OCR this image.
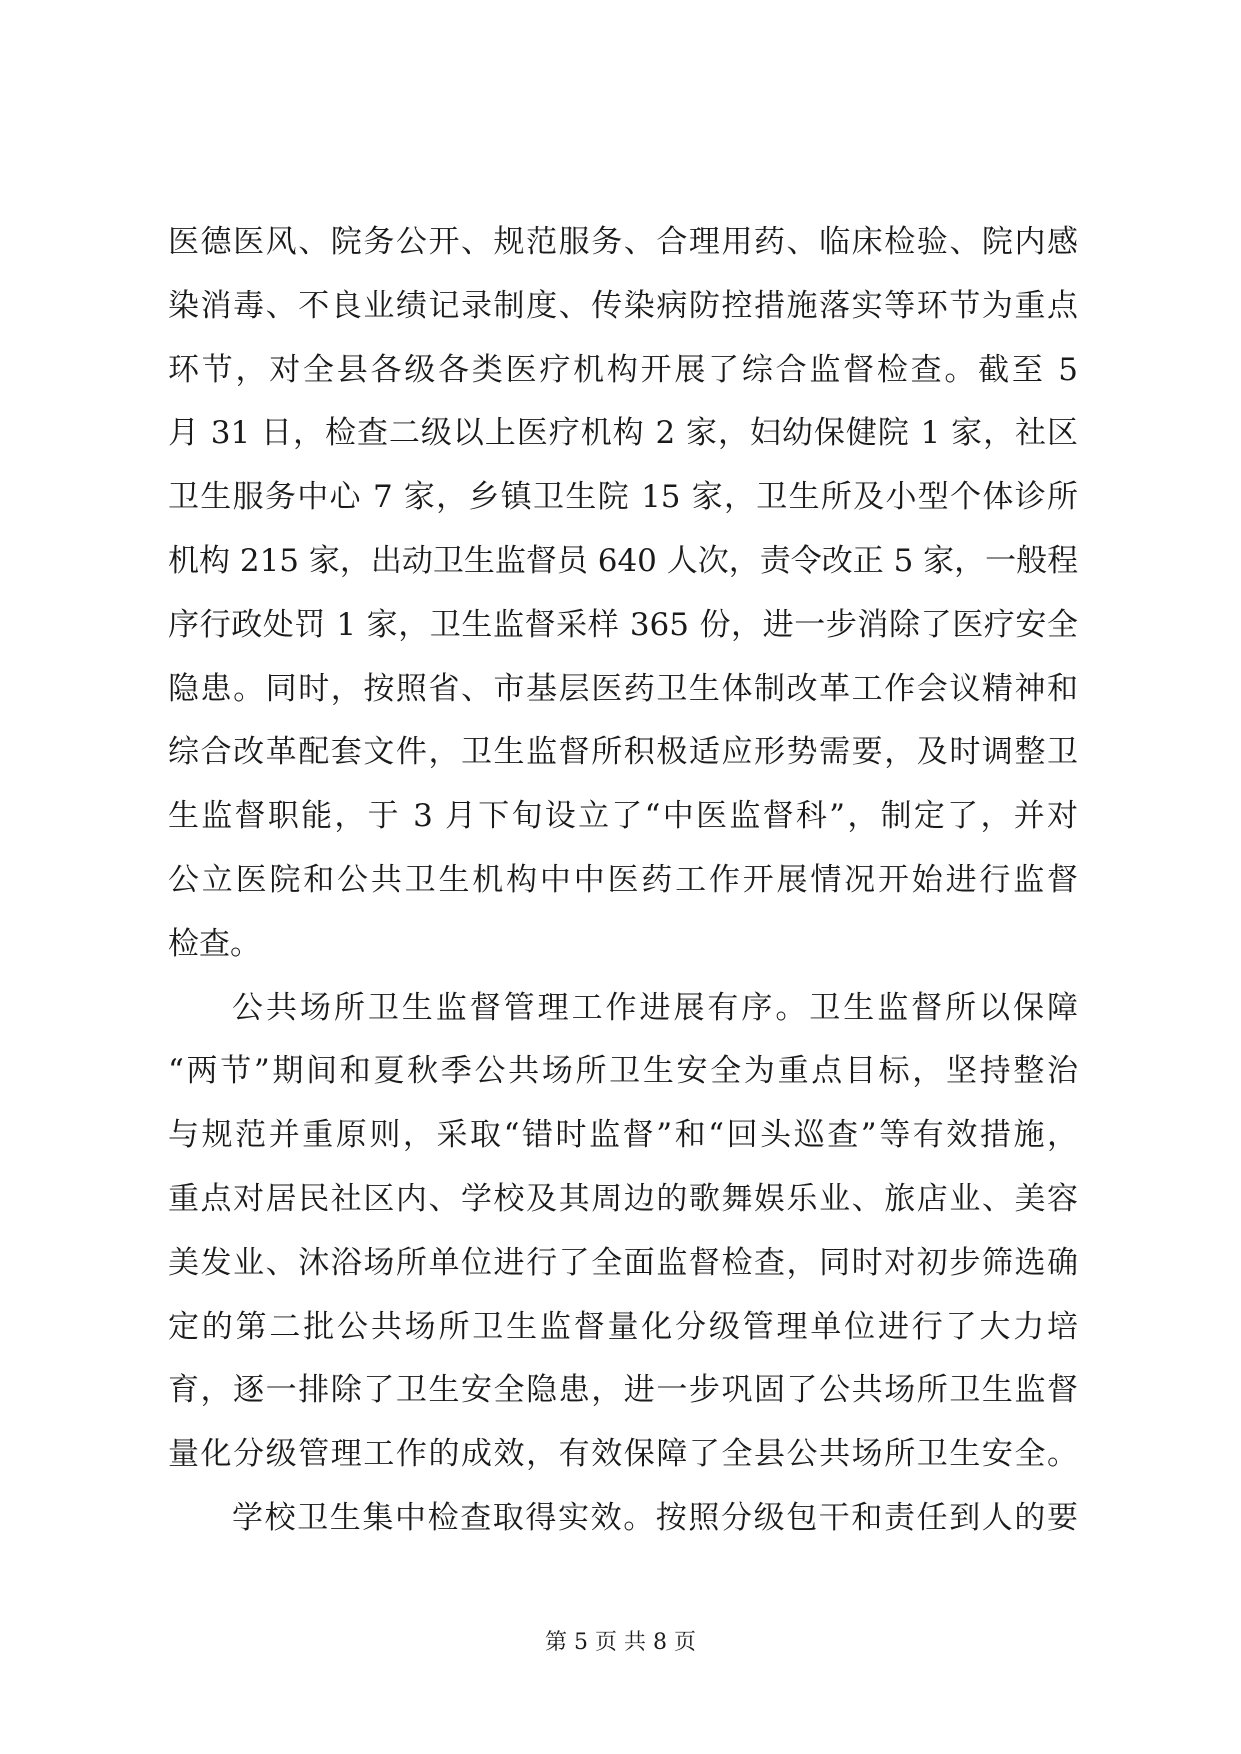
医德医风、院务公开、规范服务、合理用药、临床检验、院内感
染消毒、不良业绩记录制度、传染病防控措施落实等环节为重点
环节，对全县各级各类医疗机构开展了综合监督检查。截至 5
月 31 日，检查二级以上医疗机构 2 家，妇幼保健院 1 家，社区
卫生服务中心 7 家，乡镇卫生院 15 家，卫生所及小型个体诊所
机构 215 家，出动卫生监督员 640 人次，责令改正 5 家，一般程
序行政处罚 1 家，卫生监督采样 365 份，进一步消除了医疗安全
隐患。同时，按照省、市基层医药卫生体制改革工作会议精神和
综合改革配套文件，卫生监督所积极适应形势需要，及时调整卫
生监督职能，于 3 月下旬设立了“中医监督科”，制定了，并对
公立医院和公共卫生机构中中医药工作开展情况开始进行监督
检查。
公共场所卫生监督管理工作进展有序。卫生监督所以保障
“两节”期间和夏秋季公共场所卫生安全为重点目标，坚持整治
与规范并重原则，采取“错时监督”和“回头巡查”等有效措施，
重点对居民社区内、学校及其周边的歌舞娱乐业、旅店业、美容
美发业、沐浴场所单位进行了全面监督检查，同时对初步筛选确
定的第二批公共场所卫生监督量化分级管理单位进行了大力培
育，逐一排除了卫生安全隐患，进一步巩固了公共场所卫生监督
量化分级管理工作的成效，有效保障了全县公共场所卫生安全。
学校卫生集中检查取得实效。按照分级包干和责任到人的要
第 5 页 共 8 页
